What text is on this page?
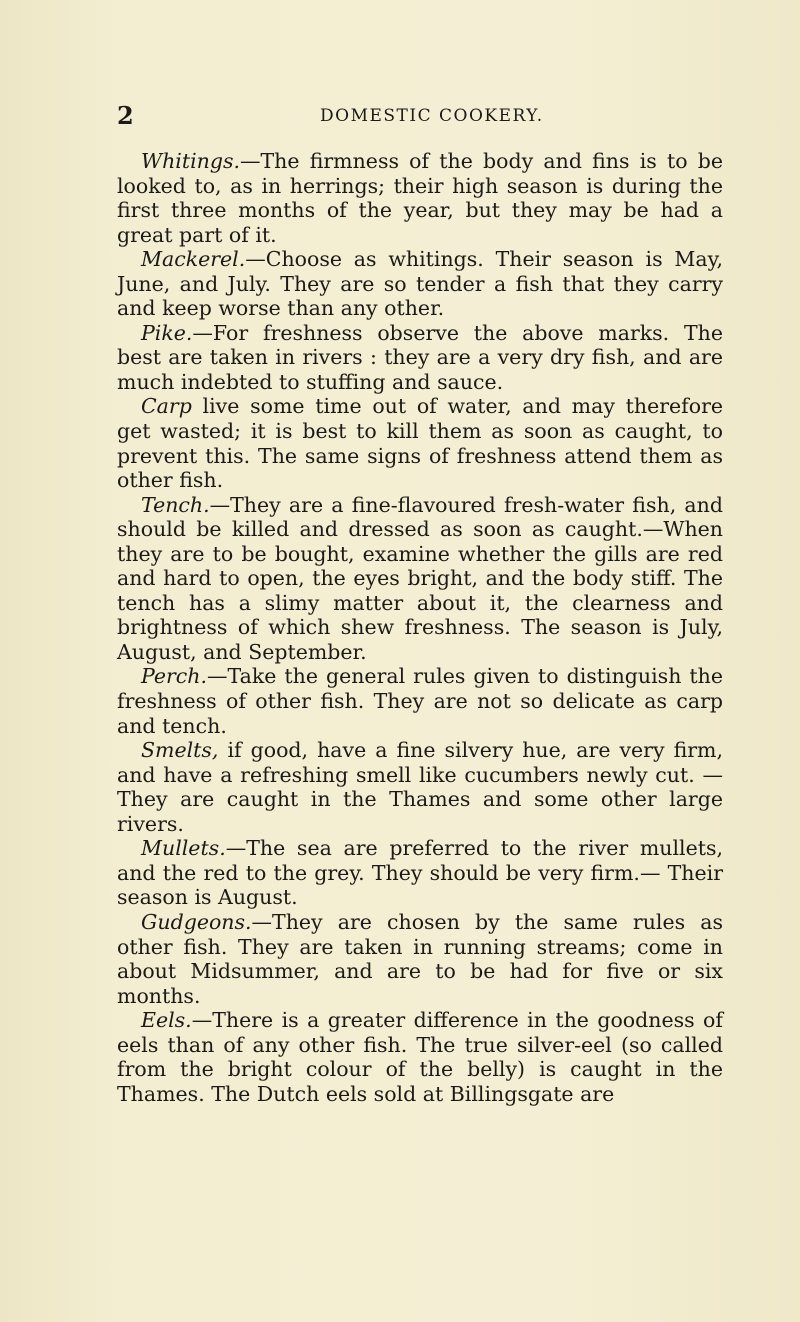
2	DOMESTIC COOKERY.

Whitings.—The firmness of the body and fins is to be looked to, as in herrings; their high season is during the first three months of the year, but they may be had a great part of it.

Mackerel.—Choose as whitings. Their season is May, June, and July. They are so tender a fish that they carry and keep worse than any other.

Pike.—For freshness observe the above marks. The best are taken in rivers : they are a very dry fish, and are much indebted to stuffing and sauce.

Carp live some time out of water, and may therefore get wasted; it is best to kill them as soon as caught, to prevent this. The same signs of freshness attend them as other fish.

Tench.—They are a fine-flavoured fresh-water fish, and should be killed and dressed as soon as caught.—When they are to be bought, examine whether the gills are red and hard to open, the eyes bright, and the body stiff. The tench has a slimy matter about it, the clearness and brightness of which shew freshness. The season is July, August, and September.

Perch.—Take the general rules given to distinguish the freshness of other fish. They are not so delicate as carp and tench.

Smelts, if good, have a fine silvery hue, are very firm, and have a refreshing smell like cucumbers newly cut. —They are caught in the Thames and some other large rivers.

Mullets.—The sea are preferred to the river mullets, and the red to the grey. They should be very firm.— Their season is August.

Gudgeons.—They are chosen by the same rules as other fish. They are taken in running streams; come in about Midsummer, and are to be had for five or six months.

Eels.—There is a greater difference in the goodness of eels than of any other fish. The true silver-eel (so called from the bright colour of the belly) is caught in the Thames. The Dutch eels sold at Billingsgate are
